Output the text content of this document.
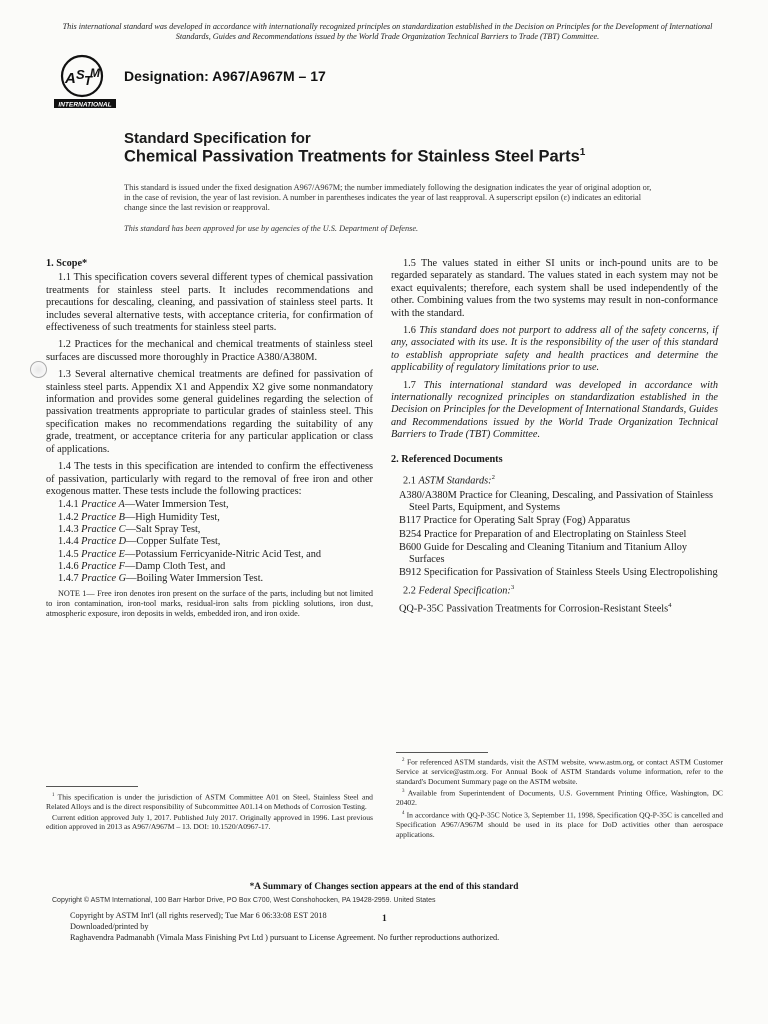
This international standard was developed in accordance with internationally recognized principles on standardization established in the Decision on Principles for the Development of International Standards, Guides and Recommendations issued by the World Trade Organization Technical Barriers to Trade (TBT) Committee.
A S T
M
INTERNATIONAL
Designation: A967/A967M – 17
Standard Specification for
Chemical Passivation Treatments for Stainless Steel Parts$^1$
This standard is issued under the fixed designation A967/A967M; the number immediately following the designation indicates the year of original adoption or, in the case of revision, the year of last revision. A number in parentheses indicates the year of last reapproval. A superscript epsilon (ε) indicates an editorial change since the last revision or reapproval.
This standard has been approved for use by agencies of the U.S. Department of Defense.
1. Scope*
1.1 This specification covers several different types of chemical passivation treatments for stainless steel parts. It includes recommendations and precautions for descaling, cleaning, and passivation of stainless steel parts. It includes several alternative tests, with acceptance criteria, for confirmation of effectiveness of such treatments for stainless steel parts.
1.2 Practices for the mechanical and chemical treatments of stainless steel surfaces are discussed more thoroughly in Practice A380/A380M.
1.3 Several alternative chemical treatments are defined for passivation of stainless steel parts. Appendix X1 and Appendix X2 give some nonmandatory information and provides some general guidelines regarding the selection of passivation treatments appropriate to particular grades of stainless steel. This specification makes no recommendations regarding the suitability of any grade, treatment, or acceptance criteria for any particular application or class of applications.
1.4 The tests in this specification are intended to confirm the effectiveness of passivation, particularly with regard to the removal of free iron and other exogenous matter. These tests include the following practices:
1.4.1 Practice A—Water Immersion Test,
1.4.2 Practice B—High Humidity Test,
1.4.3 Practice C—Salt Spray Test,
1.4.4 Practice D—Copper Sulfate Test,
1.4.5 Practice E—Potassium Ferricyanide-Nitric Acid Test, and
1.4.6 Practice F—Damp Cloth Test, and
1.4.7 Practice G—Boiling Water Immersion Test.
NOTE 1— Free iron denotes iron present on the surface of the parts, including but not limited to iron contamination, iron-tool marks, residual-iron salts from pickling solutions, iron dust, atmospheric exposure, iron deposits in welds, embedded iron, and iron oxide.
1.5 The values stated in either SI units or inch-pound units are to be regarded separately as standard. The values stated in each system may not be exact equivalents; therefore, each system shall be used independently of the other. Combining values from the two systems may result in non-conformance with the standard.
1.6 This standard does not purport to address all of the safety concerns, if any, associated with its use. It is the responsibility of the user of this standard to establish appropriate safety and health practices and determine the applicability of regulatory limitations prior to use.
1.7 This international standard was developed in accordance with internationally recognized principles on standardization established in the Decision on Principles for the Development of International Standards, Guides and Recommendations issued by the World Trade Organization Technical Barriers to Trade (TBT) Committee.
2. Referenced Documents
2.1 ASTM Standards:$^2$
A380/A380M Practice for Cleaning, Descaling, and Passivation of Stainless Steel Parts, Equipment, and Systems
B117 Practice for Operating Salt Spray (Fog) Apparatus
B254 Practice for Preparation of and Electroplating on Stainless Steel
B600 Guide for Descaling and Cleaning Titanium and Titanium Alloy Surfaces
B912 Specification for Passivation of Stainless Steels Using Electropolishing
2.2 Federal Specification:$^3$
QQ-P-35C Passivation Treatments for Corrosion-Resistant Steels$^4$
$^1$ This specification is under the jurisdiction of ASTM Committee A01 on Steel, Stainless Steel and Related Alloys and is the direct responsibility of Subcommittee A01.14 on Methods of Corrosion Testing.
Current edition approved July 1, 2017. Published July 2017. Originally approved in 1996. Last previous edition approved in 2013 as A967/A967M – 13. DOI: 10.1520/A0967-17.
$^2$ For referenced ASTM standards, visit the ASTM website, www.astm.org, or contact ASTM Customer Service at service@astm.org. For Annual Book of ASTM Standards volume information, refer to the standard's Document Summary page on the ASTM website.
$^3$ Available from Superintendent of Documents, U.S. Government Printing Office, Washington, DC 20402.
$^4$ In accordance with QQ-P-35C Notice 3, September 11, 1998, Specification QQ-P-35C is cancelled and Specification A967/A967M should be used in its place for DoD activities other than aerospace applications.
*A Summary of Changes section appears at the end of this standard
Copyright © ASTM International, 100 Barr Harbor Drive, PO Box C700, West Conshohocken, PA 19428-2959. United States
Copyright by ASTM Int'l (all rights reserved); Tue Mar 6 06:33:08 EST 2018
Downloaded/printed by
Raghavendra Padmanabh (Vimala Mass Finishing Pvt Ltd ) pursuant to License Agreement. No further reproductions authorized.
1
